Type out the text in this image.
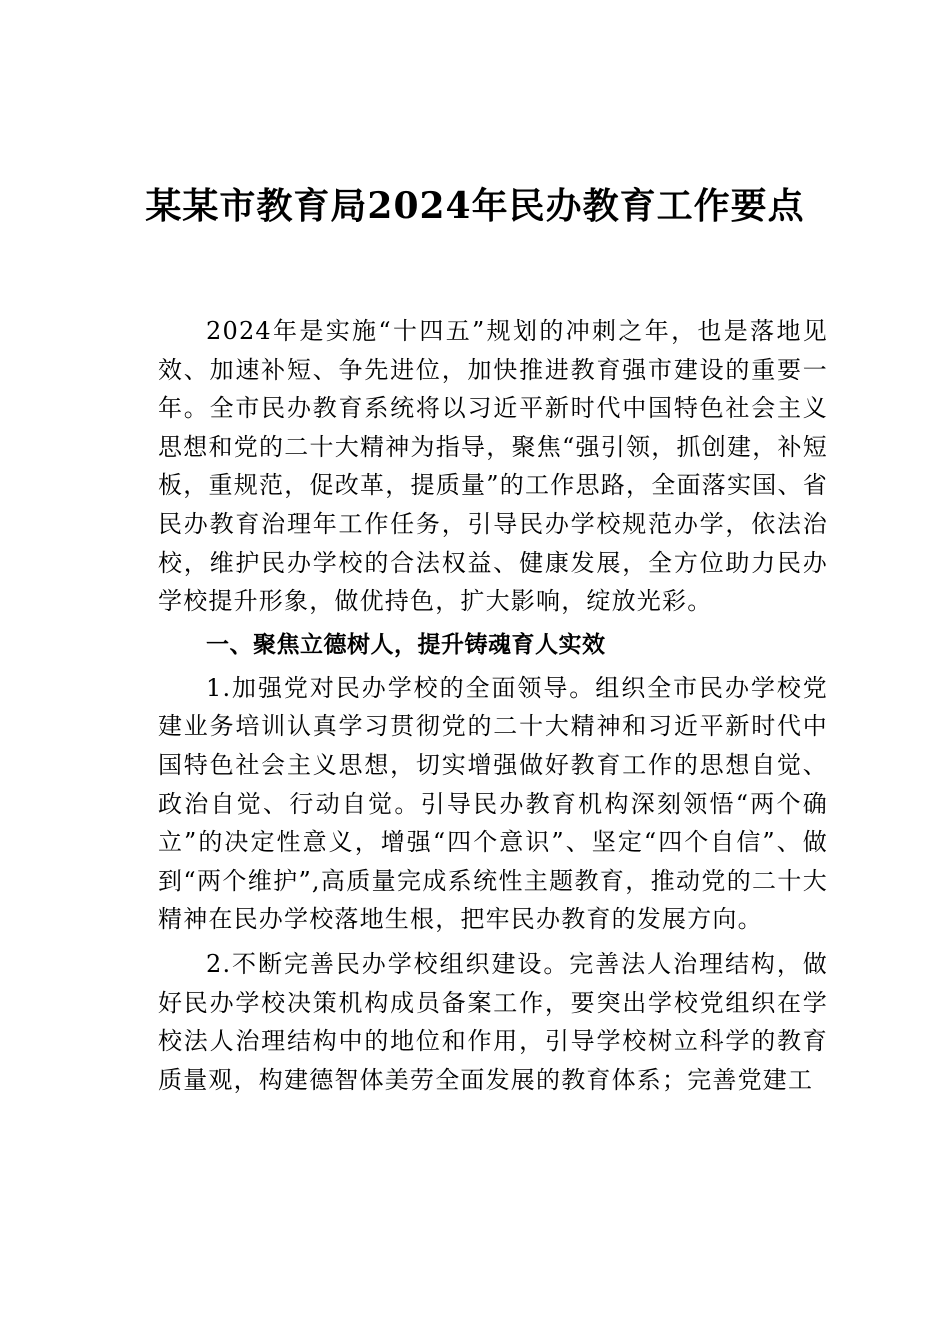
某某市教育局2024年民办教育工作要点

2024年是实施“十四五”规划的冲刺之年，也是落地见效、加速补短、争先进位，加快推进教育强市建设的重要一年。全市民办教育系统将以习近平新时代中国特色社会主义思想和党的二十大精神为指导，聚焦“强引领，抓创建，补短板，重规范，促改革，提质量”的工作思路，全面落实国、省民办教育治理年工作任务，引导民办学校规范办学，依法治校，维护民办学校的合法权益、健康发展，全方位助力民办学校提升形象，做优持色，扩大影响，绽放光彩。

一、聚焦立德树人，提升铸魂育人实效

1.加强党对民办学校的全面领导。组织全市民办学校党建业务培训认真学习贯彻党的二十大精神和习近平新时代中国特色社会主义思想，切实增强做好教育工作的思想自觉、政治自觉、行动自觉。引导民办教育机构深刻领悟“两个确立”的决定性意义，增强“四个意识”、坚定“四个自信”、做到“两个维护”,高质量完成系统性主题教育，推动党的二十大精神在民办学校落地生根，把牢民办教育的发展方向。

2.不断完善民办学校组织建设。完善法人治理结构，做好民办学校决策机构成员备案工作，要突出学校党组织在学校法人治理结构中的地位和作用，引导学校树立科学的教育质量观，构建德智体美劳全面发展的教育体系；完善党建工
